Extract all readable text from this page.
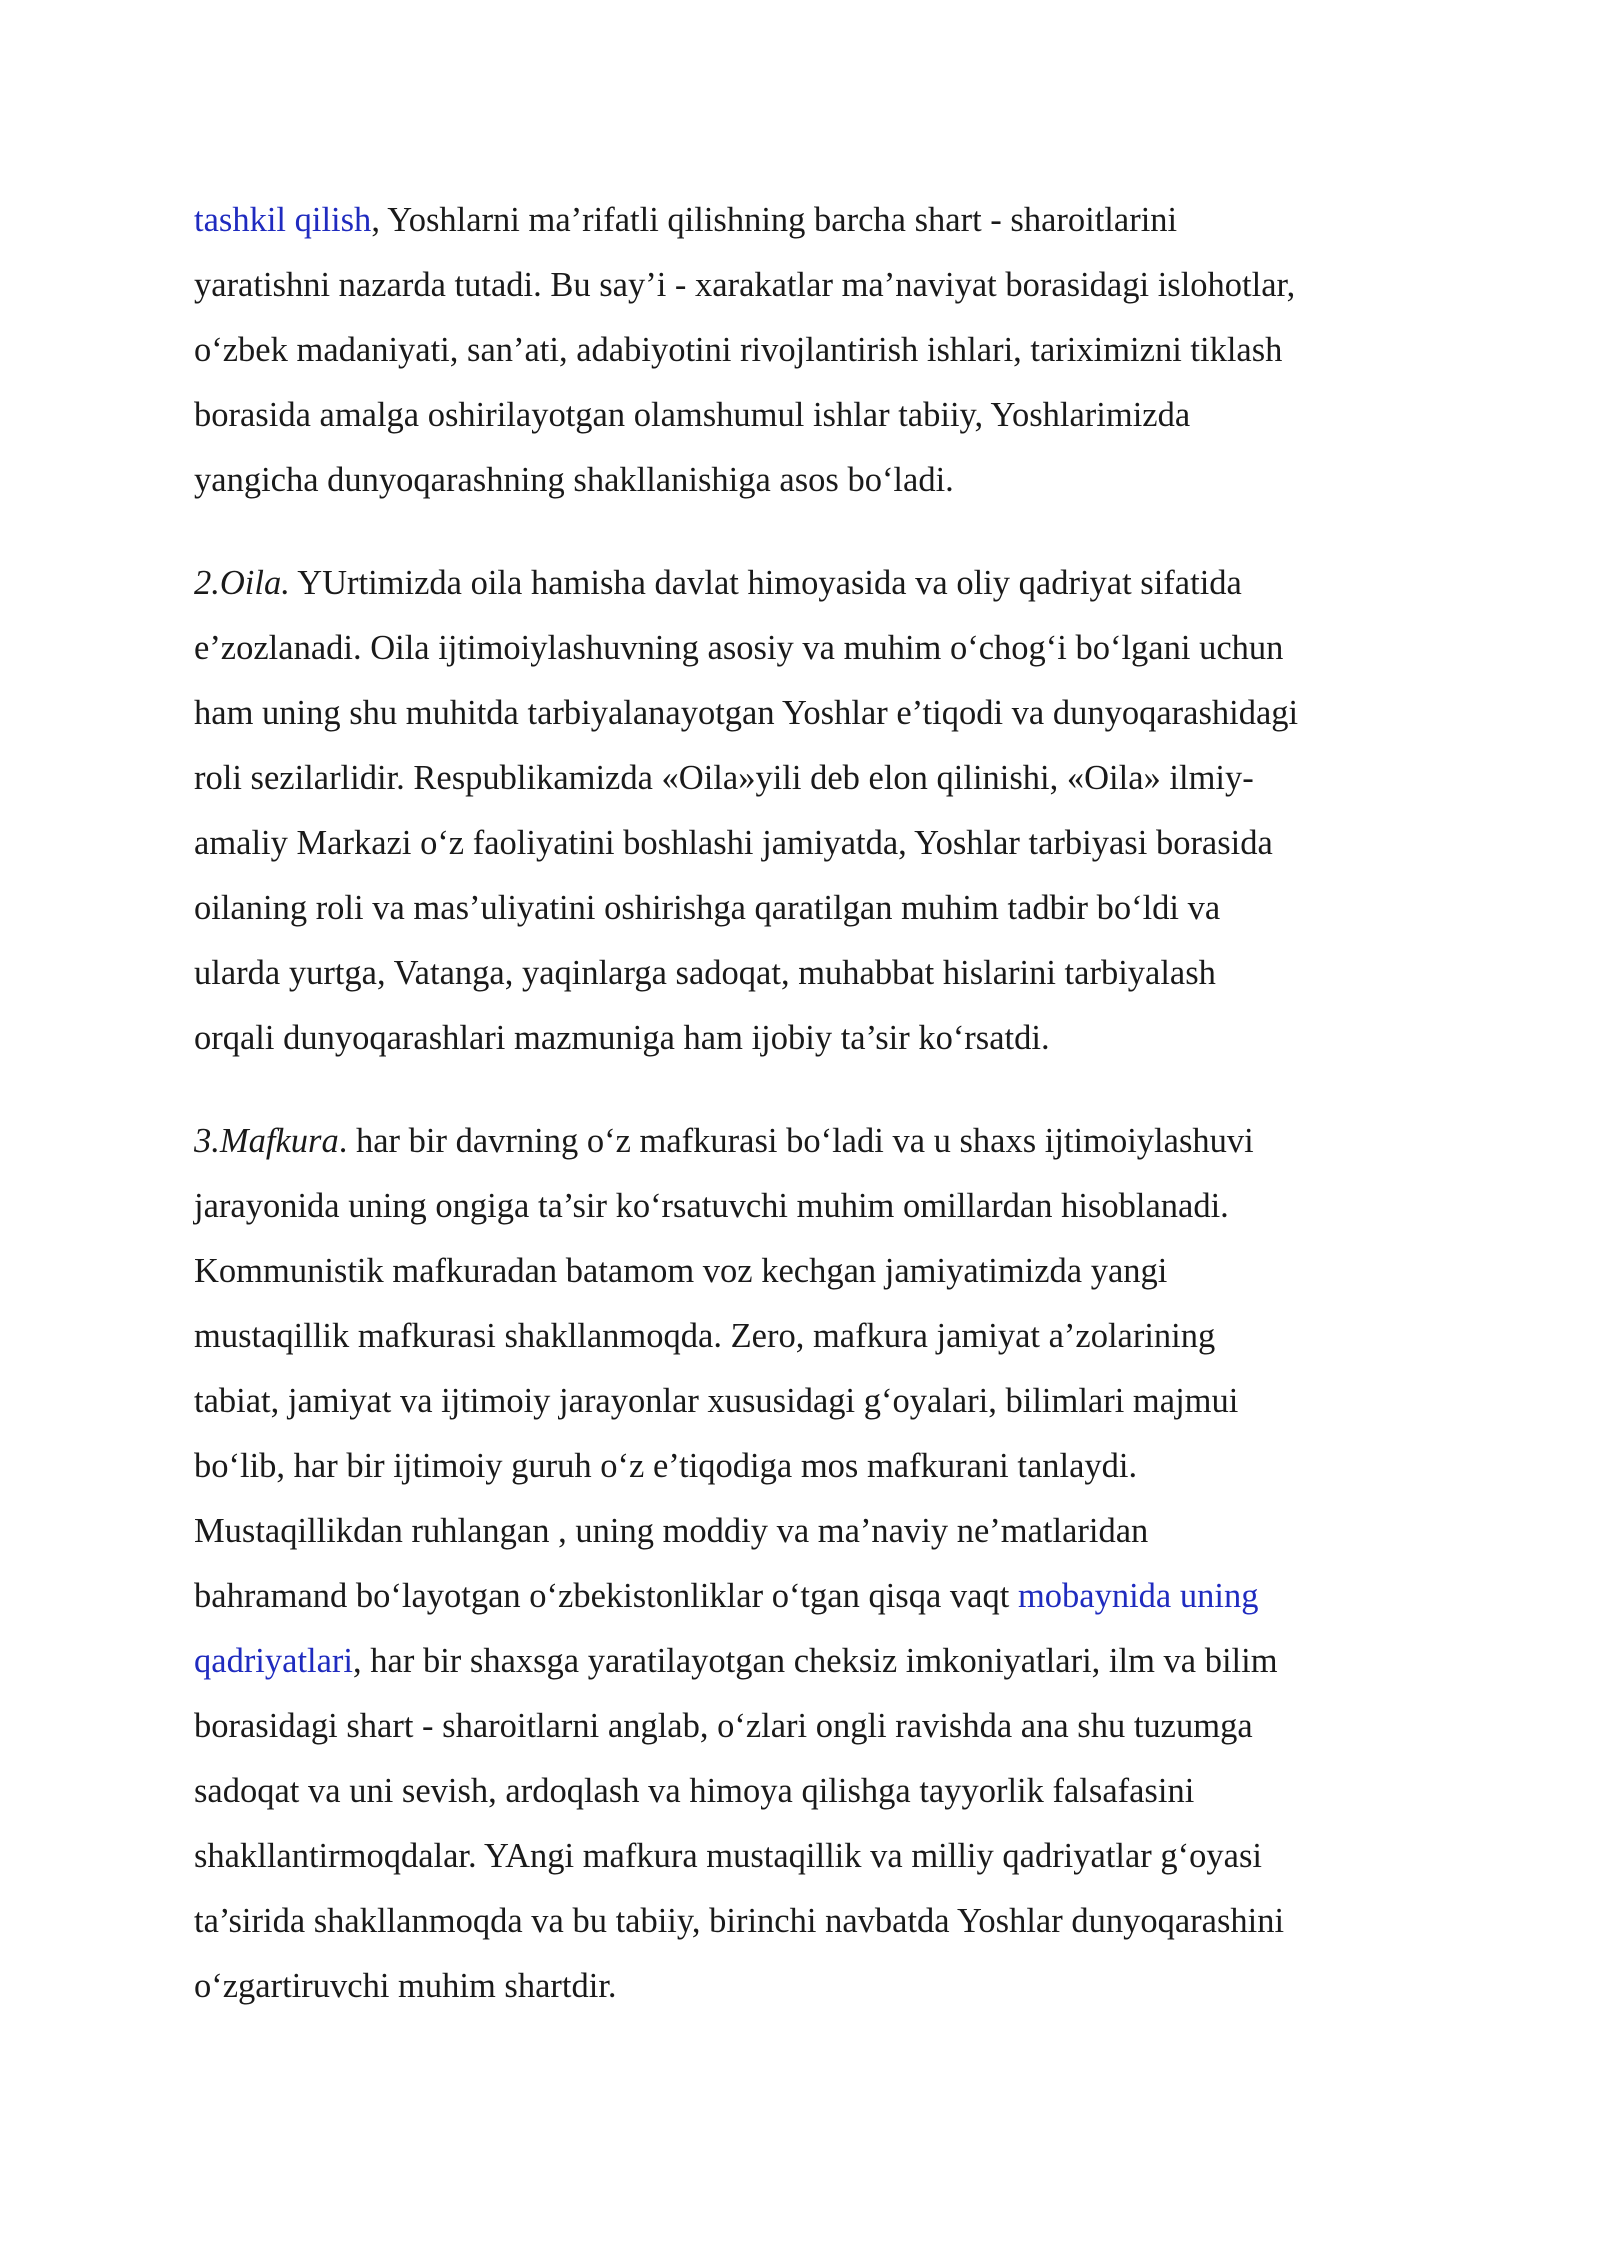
tashkil qilish, Yoshlarni ma’rifatli qilishning barcha shart - sharoitlarini

yaratishni nazarda tutadi. Bu say’i - xarakatlar ma’naviyat borasidagi islohotlar,

o‘zbek madaniyati, san’ati, adabiyotini rivojlantirish ishlari, tariximizni tiklash

borasida amalga oshirilayotgan olamshumul ishlar tabiiy, Yoshlarimizda

yangicha dunyoqarashning shakllanishiga asos bo‘ladi.

2.Oila. YUrtimizda oila hamisha davlat himoyasida va oliy qadriyat sifatida

e’zozlanadi. Oila ijtimoiylashuvning asosiy va muhim o‘chog‘i bo‘lgani uchun

ham uning shu muhitda tarbiyalanayotgan Yoshlar e’tiqodi va dunyoqarashidagi

roli sezilarlidir. Respublikamizda «Oila»yili deb elon qilinishi, «Oila» ilmiy-

amaliy Markazi o‘z faoliyatini boshlashi jamiyatda, Yoshlar tarbiyasi borasida

oilaning roli va mas’uliyatini oshirishga qaratilgan muhim tadbir bo‘ldi va

ularda yurtga, Vatanga, yaqinlarga sadoqat, muhabbat hislarini tarbiyalash

orqali dunyoqarashlari mazmuniga ham ijobiy ta’sir ko‘rsatdi.

3.Mafkura. har bir davrning o‘z mafkurasi bo‘ladi va u shaxs ijtimoiylashuvi

jarayonida uning ongiga ta’sir ko‘rsatuvchi muhim omillardan hisoblanadi.

Kommunistik mafkuradan batamom voz kechgan jamiyatimizda yangi

mustaqillik mafkurasi shakllanmoqda. Zero, mafkura jamiyat a’zolarining

tabiat, jamiyat va ijtimoiy jarayonlar xususidagi g‘oyalari, bilimlari majmui

bo‘lib, har bir ijtimoiy guruh o‘z e’tiqodiga mos mafkurani tanlaydi.

Mustaqillikdan ruhlangan , uning moddiy va ma’naviy ne’matlaridan

bahramand bo‘layotgan o‘zbekistonliklar o‘tgan qisqa vaqt mobaynida uning

qadriyatlari, har bir shaxsga yaratilayotgan cheksiz imkoniyatlari, ilm va bilim

borasidagi shart - sharoitlarni anglab, o‘zlari ongli ravishda ana shu tuzumga

sadoqat va uni sevish, ardoqlash va himoya qilishga tayyorlik falsafasini

shakllantirmoqdalar. YAngi mafkura mustaqillik va milliy qadriyatlar g‘oyasi

ta’sirida shakllanmoqda va bu tabiiy, birinchi navbatda Yoshlar dunyoqarashini

o‘zgartiruvchi muhim shartdir.
